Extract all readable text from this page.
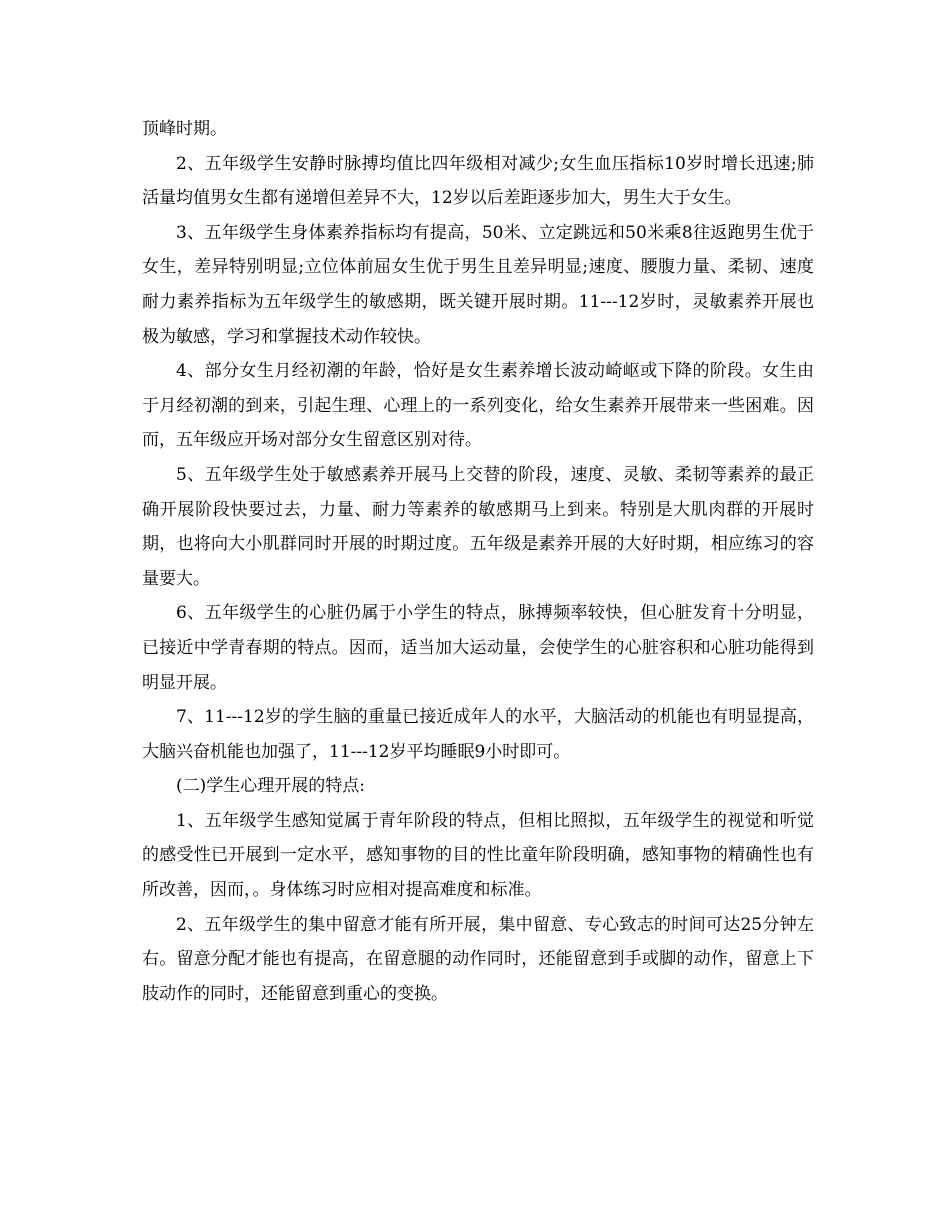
顶峰时期。

2、五年级学生安静时脉搏均值比四年级相对减少;女生血压指标10岁时增长迅速;肺活量均值男女生都有递增但差异不大，12岁以后差距逐步加大，男生大于女生。

3、五年级学生身体素养指标均有提高，50米、立定跳远和50米乘8往返跑男生优于女生，差异特别明显;立位体前屈女生优于男生且差异明显;速度、腰腹力量、柔韧、速度耐力素养指标为五年级学生的敏感期，既关键开展时期。11---12岁时，灵敏素养开展也极为敏感，学习和掌握技术动作较快。

4、部分女生月经初潮的年龄，恰好是女生素养增长波动崎岖或下降的阶段。女生由于月经初潮的到来，引起生理、心理上的一系列变化，给女生素养开展带来一些困难。因而，五年级应开场对部分女生留意区别对待。

5、五年级学生处于敏感素养开展马上交替的阶段，速度、灵敏、柔韧等素养的最正确开展阶段快要过去，力量、耐力等素养的敏感期马上到来。特别是大肌肉群的开展时期，也将向大小肌群同时开展的时期过度。五年级是素养开展的大好时期，相应练习的容量要大。

6、五年级学生的心脏仍属于小学生的特点，脉搏频率较快，但心脏发育十分明显，已接近中学青春期的特点。因而，适当加大运动量，会使学生的心脏容积和心脏功能得到明显开展。

7、11---12岁的学生脑的重量已接近成年人的水平，大脑活动的机能也有明显提高，大脑兴奋机能也加强了，11---12岁平均睡眠9小时即可。

(二)学生心理开展的特点:

1、五年级学生感知觉属于青年阶段的特点，但相比照拟，五年级学生的视觉和听觉的感受性已开展到一定水平，感知事物的目的性比童年阶段明确，感知事物的精确性也有所改善，因而，。身体练习时应相对提高难度和标准。

2、五年级学生的集中留意才能有所开展，集中留意、专心致志的时间可达25分钟左右。留意分配才能也有提高，在留意腿的动作同时，还能留意到手或脚的动作，留意上下肢动作的同时，还能留意到重心的变换。
